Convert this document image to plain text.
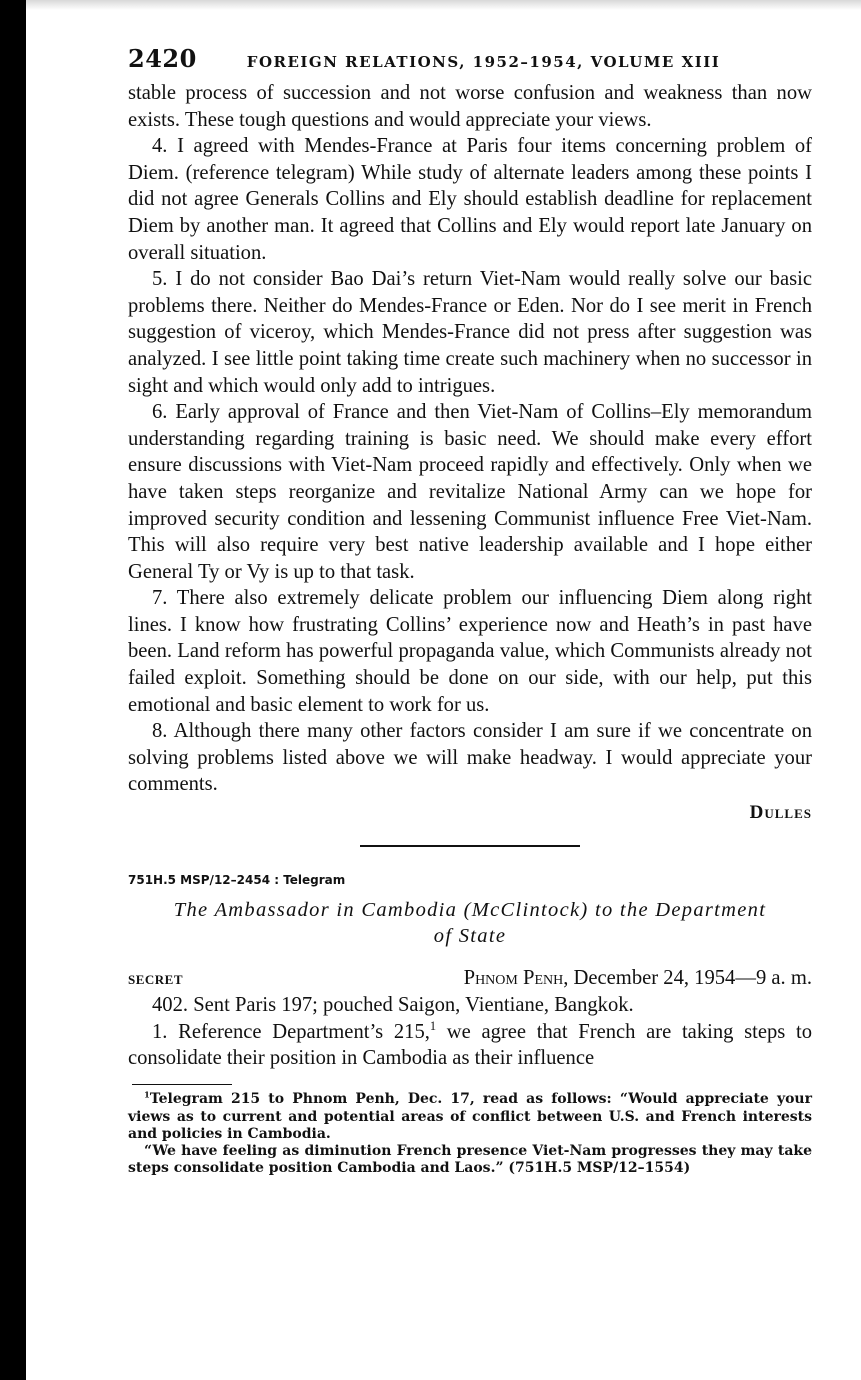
2420	FOREIGN RELATIONS, 1952–1954, VOLUME XIII

stable process of succession and not worse confusion and weakness than now exists. These tough questions and would appreciate your views.

4. I agreed with Mendes-France at Paris four items concerning problem of Diem. (reference telegram) While study of alternate leaders among these points I did not agree Generals Collins and Ely should establish deadline for replacement Diem by another man. It agreed that Collins and Ely would report late January on overall situation.

5. I do not consider Bao Dai’s return Viet-Nam would really solve our basic problems there. Neither do Mendes-France or Eden. Nor do I see merit in French suggestion of viceroy, which Mendes-France did not press after suggestion was analyzed. I see little point taking time create such machinery when no successor in sight and which would only add to intrigues.

6. Early approval of France and then Viet-Nam of Collins–Ely memorandum understanding regarding training is basic need. We should make every effort ensure discussions with Viet-Nam proceed rapidly and effectively. Only when we have taken steps reorganize and revitalize National Army can we hope for improved security condition and lessening Communist influence Free Viet-Nam. This will also require very best native leadership available and I hope either General Ty or Vy is up to that task.

7. There also extremely delicate problem our influencing Diem along right lines. I know how frustrating Collins’ experience now and Heath’s in past have been. Land reform has powerful propaganda value, which Communists already not failed exploit. Something should be done on our side, with our help, put this emotional and basic element to work for us.

8. Although there many other factors consider I am sure if we concentrate on solving problems listed above we will make headway. I would appreciate your comments.

Dulles
751H.5 MSP/12–2454 : Telegram
The Ambassador in Cambodia (McClintock) to the Department
of State
SECRET	Phnom Penh, December 24, 1954—9 a. m.

402. Sent Paris 197; pouched Saigon, Vientiane, Bangkok.

1. Reference Department’s 215,$^1$ we agree that French are taking steps to consolidate their position in Cambodia as their influence

$^1$Telegram 215 to Phnom Penh, Dec. 17, read as follows: “Would appreciate your views as to current and potential areas of conflict between U.S. and French interests and policies in Cambodia.

“We have feeling as diminution French presence Viet-Nam progresses they may take steps consolidate position Cambodia and Laos.” (751H.5 MSP/12–1554)
